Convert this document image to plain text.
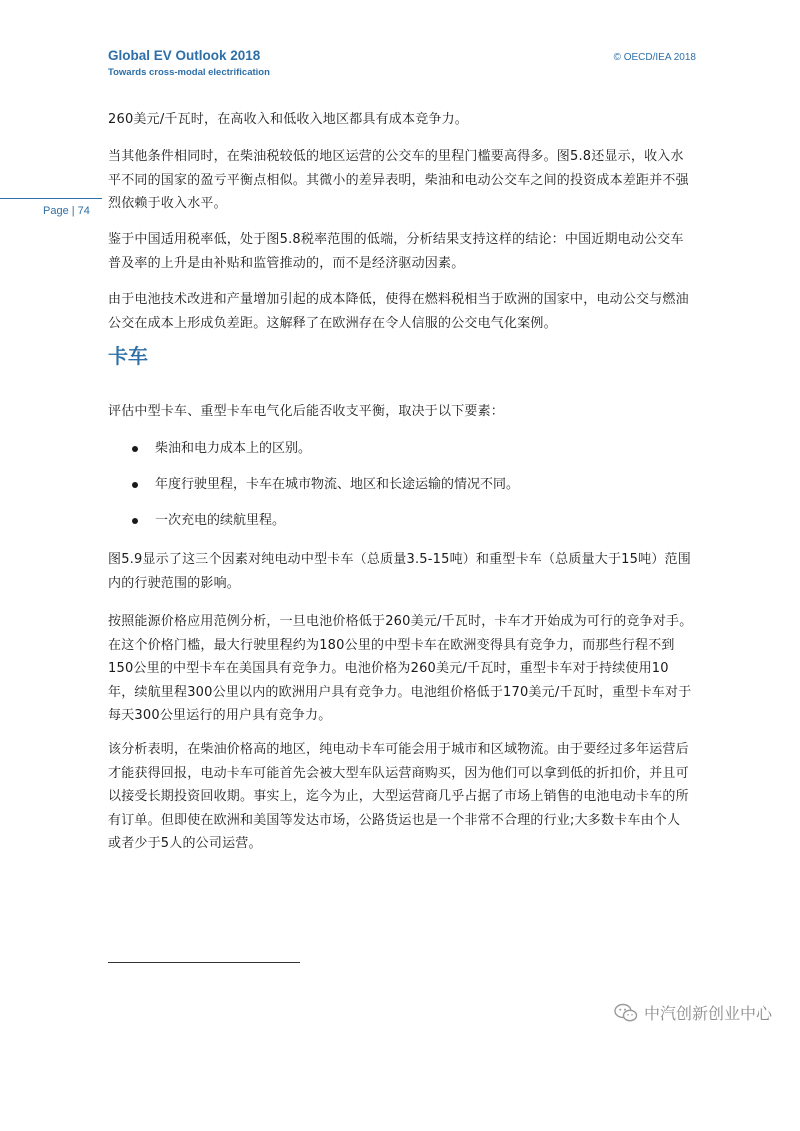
Global EV Outlook 2018
Towards cross-modal electrification
© OECD/IEA 2018
Page | 74
260美元/千瓦时，在高收入和低收入地区都具有成本竞争力。
当其他条件相同时，在柴油税较低的地区运营的公交车的里程门槛要高得多。图5.8还显示，收入水平不同的国家的盈亏平衡点相似。其微小的差异表明，柴油和电动公交车之间的投资成本差距并不强烈依赖于收入水平。
鉴于中国适用税率低，处于图5.8税率范围的低端，分析结果支持这样的结论：中国近期电动公交车普及率的上升是由补贴和监管推动的，而不是经济驱动因素。
由于电池技术改进和产量增加引起的成本降低，使得在燃料税相当于欧洲的国家中，电动公交与燃油公交在成本上形成负差距。这解释了在欧洲存在令人信服的公交电气化案例。
卡车
评估中型卡车、重型卡车电气化后能否收支平衡，取决于以下要素：
柴油和电力成本上的区别。
年度行驶里程，卡车在城市物流、地区和长途运输的情况不同。
一次充电的续航里程。
图5.9显示了这三个因素对纯电动中型卡车（总质量3.5-15吨）和重型卡车（总质量大于15吨）范围内的行驶范围的影响。
按照能源价格应用范例分析，一旦电池价格低于260美元/千瓦时，卡车才开始成为可行的竞争对手。在这个价格门槛，最大行驶里程约为180公里的中型卡车在欧洲变得具有竞争力，而那些行程不到150公里的中型卡车在美国具有竞争力。电池价格为260美元/千瓦时，重型卡车对于持续使用10年，续航里程300公里以内的欧洲用户具有竞争力。电池组价格低于170美元/千瓦时，重型卡车对于每天300公里运行的用户具有竞争力。
该分析表明，在柴油价格高的地区，纯电动卡车可能会用于城市和区域物流。由于要经过多年运营后才能获得回报，电动卡车可能首先会被大型车队运营商购买，因为他们可以拿到低的折扣价，并且可以接受长期投资回收期。事实上，迄今为止，大型运营商几乎占据了市场上销售的电池电动卡车的所有订单。但即使在欧洲和美国等发达市场，公路货运也是一个非常不合理的行业;大多数卡车由个人或者少于5人的公司运营。
中汽创新创业中心
